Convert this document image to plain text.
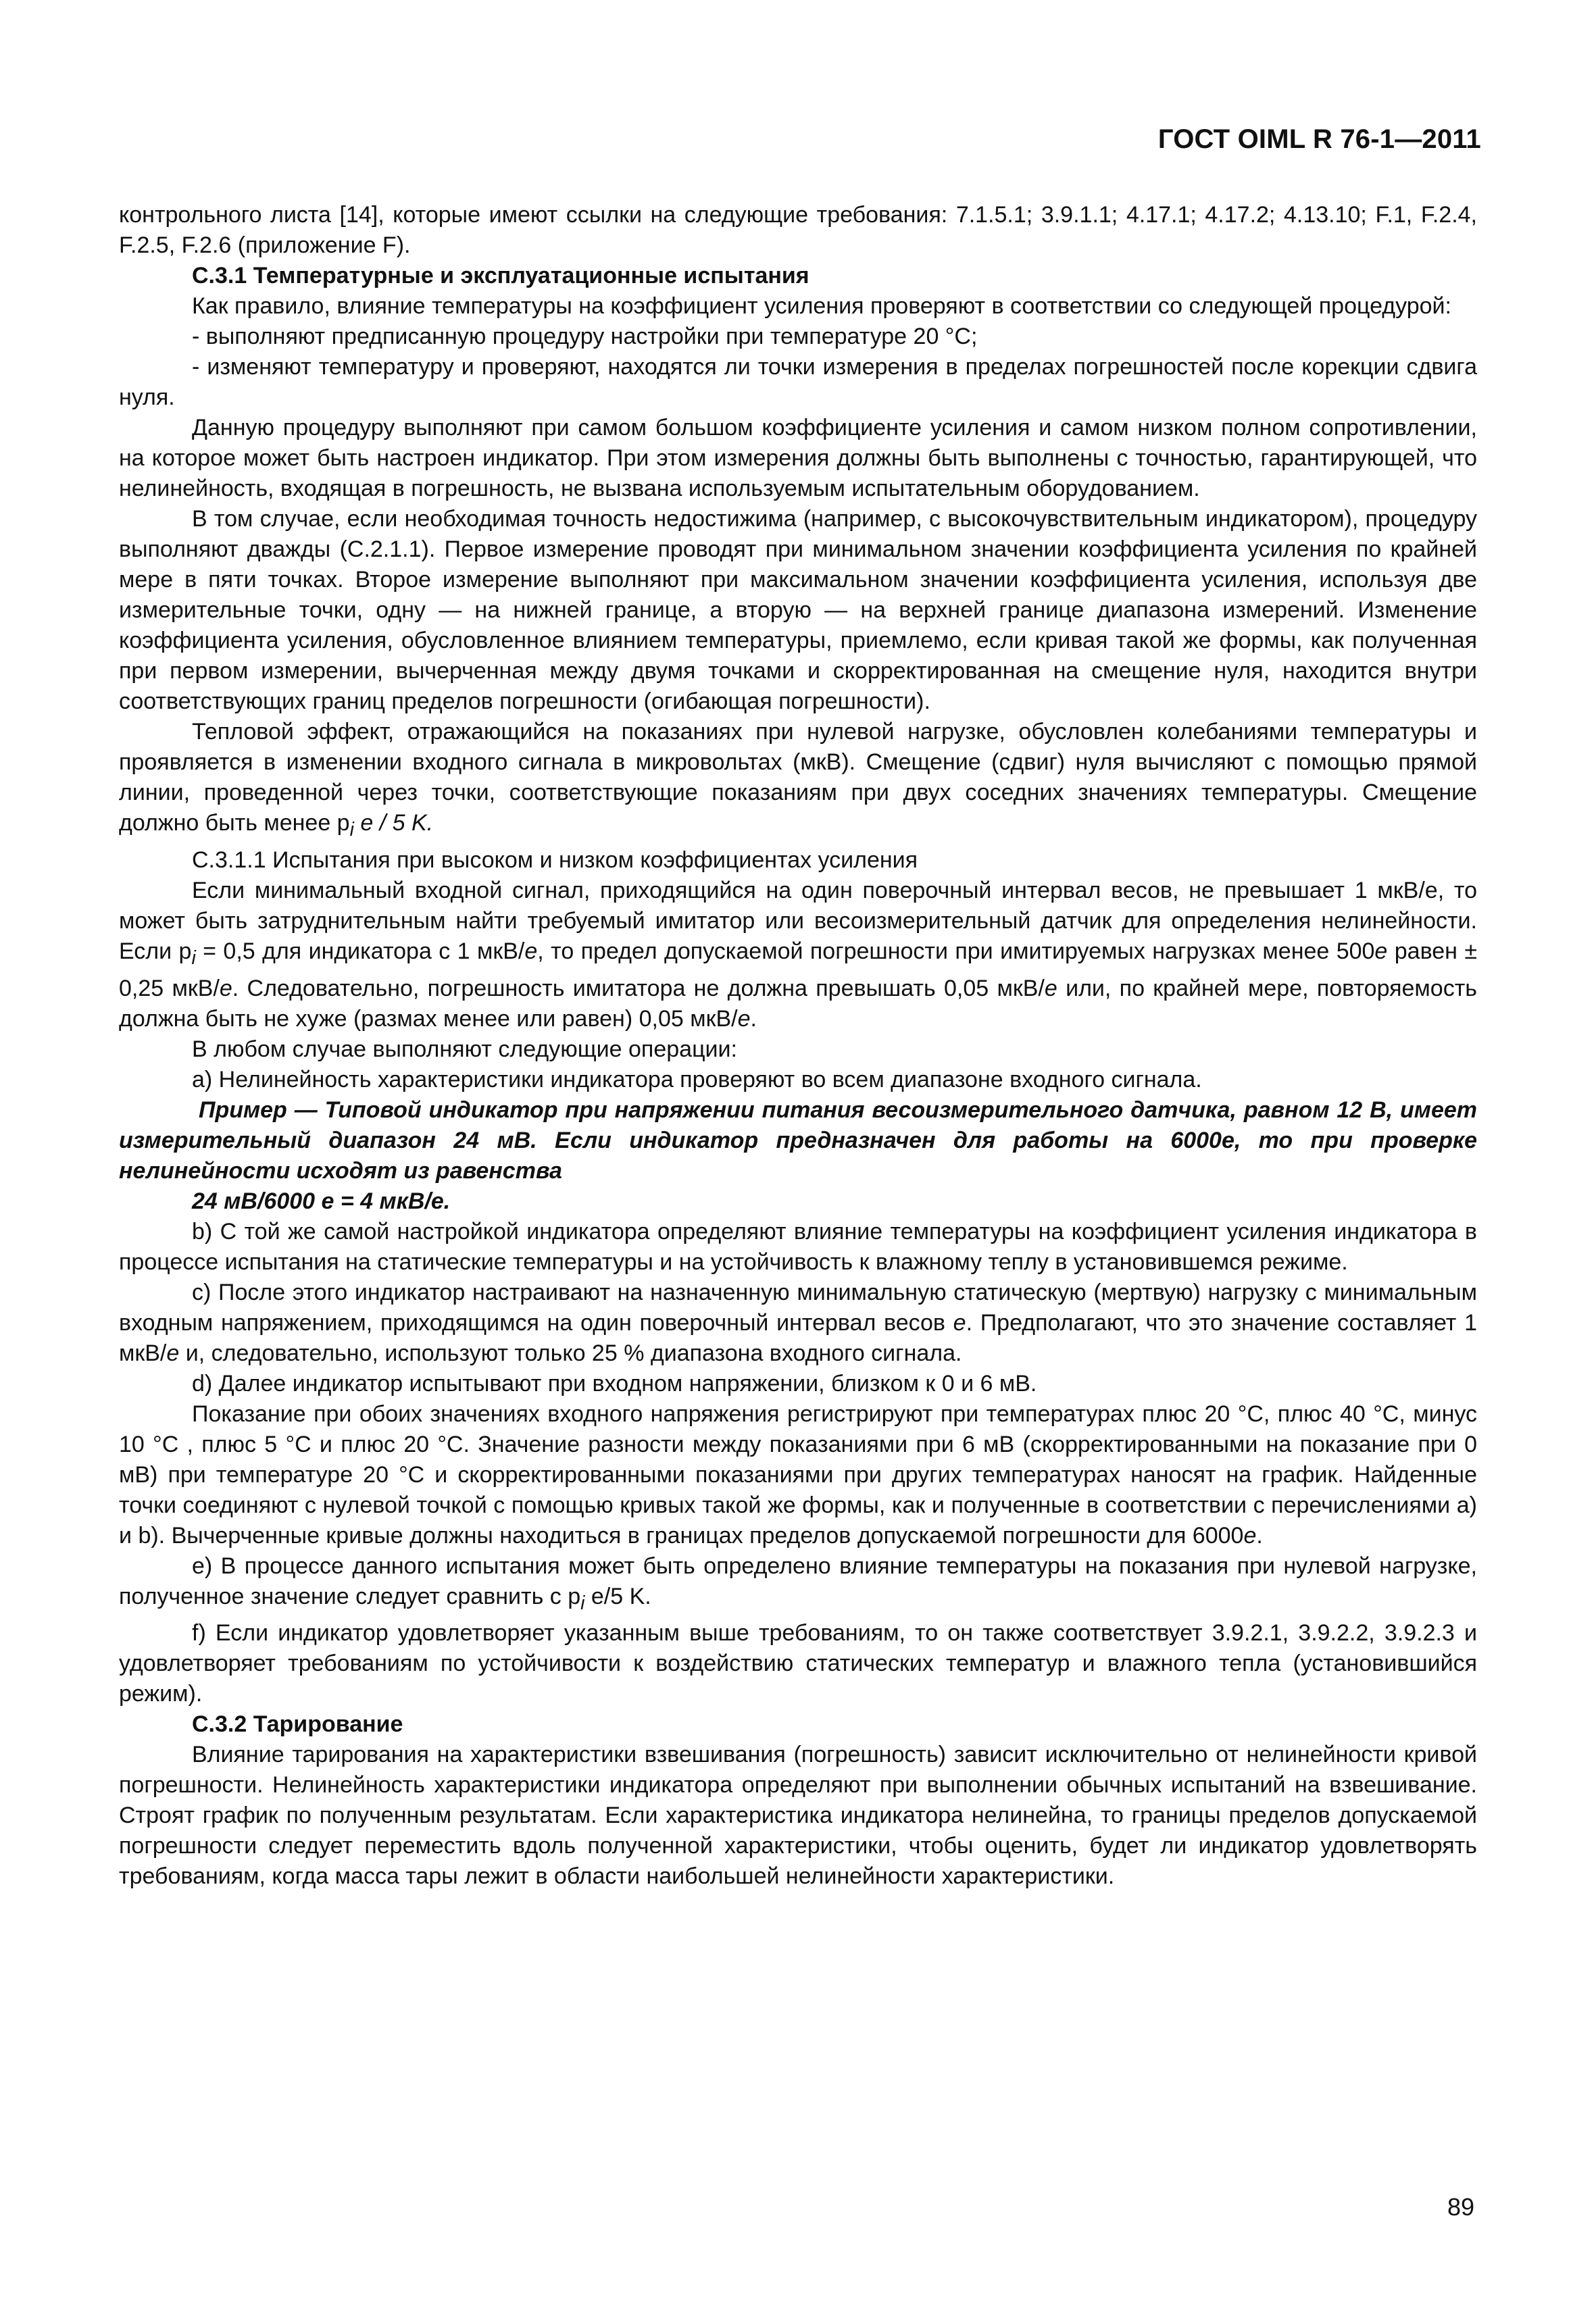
ГОСТ OIML R 76-1—2011

контрольного листа [14], которые имеют ссылки на следующие требования: 7.1.5.1; 3.9.1.1; 4.17.1; 4.17.2; 4.13.10; F.1, F.2.4, F.2.5, F.2.6 (приложение F).

С.3.1 Температурные и эксплуатационные испытания

Как правило, влияние температуры на коэффициент усиления проверяют в соответствии со следующей процедурой:

- выполняют предписанную процедуру настройки при температуре 20 °С;

- изменяют температуру и проверяют, находятся ли точки измерения в пределах погрешностей после корекции сдвига нуля.

Данную процедуру выполняют при самом большом коэффициенте усиления и самом низком полном сопротивлении, на которое может быть настроен индикатор. При этом измерения должны быть выполнены с точностью, гарантирующей, что нелинейность, входящая в погрешность, не вызвана используемым испытательным оборудованием.

В том случае, если необходимая точность недостижима (например, с высокочувствительным индикатором), процедуру выполняют дважды (С.2.1.1). Первое измерение проводят при минимальном значении коэффициента усиления по крайней мере в пяти точках. Второе измерение выполняют при максимальном значении коэффициента усиления, используя две измерительные точки, одну — на нижней границе, а вторую — на верхней границе диапазона измерений. Изменение коэффициента усиления, обусловленное влиянием температуры, приемлемо, если кривая такой же формы, как полученная при первом измерении, вычерченная между двумя точками и скорректированная на смещение нуля, находится внутри соответствующих границ пределов погрешности (огибающая погрешности).

Тепловой эффект, отражающийся на показаниях при нулевой нагрузке, обусловлен колебаниями температуры и проявляется в изменении входного сигнала в микровольтах (мкВ). Смещение (сдвиг) нуля вычисляют с помощью прямой линии, проведенной через точки, соответствующие показаниям при двух соседних значениях температуры. Смещение должно быть менее $p_i$ e / 5 K.

С.3.1.1 Испытания при высоком и низком коэффициентах усиления

Если минимальный входной сигнал, приходящийся на один поверочный интервал весов, не превышает 1 мкВ/е, то может быть затруднительным найти требуемый имитатор или весоизмерительный датчик для определения нелинейности. Если $p_i = 0,5$ для индикатора с 1 мкВ/е, то предел допускаемой погрешности при имитируемых нагрузках менее 500е равен ± 0,25 мкВ/е. Следовательно, погрешность имитатора не должна превышать 0,05 мкВ/е или, по крайней мере, повторяемость должна быть не хуже (размах менее или равен) 0,05 мкВ/е.

В любом случае выполняют следующие операции:

а) Нелинейность характеристики индикатора проверяют во всем диапазоне входного сигнала.

Пример — Типовой индикатор при напряжении питания весоизмерительного датчика, равном 12 В, имеет измерительный диапазон 24 мВ. Если индикатор предназначен для работы на 6000е, то при проверке нелинейности исходят из равенства

24 мВ/6000 е = 4 мкВ/е.

b) С той же самой настройкой индикатора определяют влияние температуры на коэффициент усиления индикатора в процессе испытания на статические температуры и на устойчивость к влажному теплу в установившемся режиме.

с) После этого индикатор настраивают на назначенную минимальную статическую (мертвую) нагрузку с минимальным входным напряжением, приходящимся на один поверочный интервал весов е. Предполагают, что это значение составляет 1 мкВ/е и, следовательно, используют только 25 % диапазона входного сигнала.

d) Далее индикатор испытывают при входном напряжении, близком к 0 и 6 мВ.

Показание при обоих значениях входного напряжения регистрируют при температурах плюс 20 °С, плюс 40 °С, минус 10 °С , плюс 5 °С и плюс 20 °С. Значение разности между показаниями при 6 мВ (скорректированными на показание при 0 мВ) при температуре 20 °С и скорректированными показаниями при других температурах наносят на график. Найденные точки соединяют с нулевой точкой с помощью кривых такой же формы, как и полученные в соответствии с перечислениями а) и b). Вычерченные кривые должны находиться в границах пределов допускаемой погрешности для 6000е.

е) В процессе данного испытания может быть определено влияние температуры на показания при нулевой нагрузке, полученное значение следует сравнить с $p_i$ е/5 K.

f) Если индикатор удовлетворяет указанным выше требованиям, то он также соответствует 3.9.2.1, 3.9.2.2, 3.9.2.3 и удовлетворяет требованиям по устойчивости к воздействию статических температур и влажного тепла (установившийся режим).

С.3.2 Тарирование

Влияние тарирования на характеристики взвешивания (погрешность) зависит исключительно от нелинейности кривой погрешности. Нелинейность характеристики индикатора определяют при выполнении обычных испытаний на взвешивание. Строят график по полученным результатам. Если характеристика индикатора нелинейна, то границы пределов допускаемой погрешности следует переместить вдоль полученной характеристики, чтобы оценить, будет ли индикатор удовлетворять требованиям, когда масса тары лежит в области наибольшей нелинейности характеристики.

89
